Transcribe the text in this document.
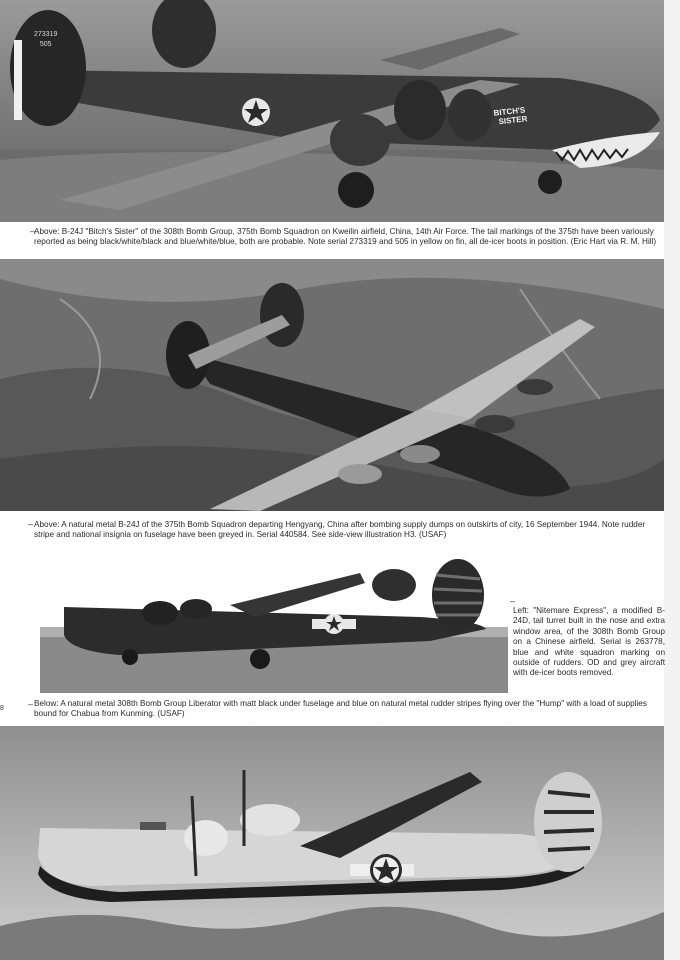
BITCH'S
SISTER
273319
505
–

Above: B-24J "Bitch's Sister" of the 308th Bomb Group, 375th Bomb Squadron on Kweilin airfield, China, 14th Air Force. The tail markings of the 375th have been variously reported as being black/white/black and blue/white/blue, both are probable. Note serial 273319 and 505 in yellow on fin, all de-icer boots in position. (Eric Hart via R. M. Hill)

– Above: A natural metal B-24J of the 375th Bomb Squadron departing Hengyang, China after bombing supply dumps on outskirts of city, 16 September 1944. Note rudder stripe and national insignia on fuselage have been greyed in. Serial 440584. See side-view illustration H3. (USAF)

–

Left: "Nitemare Express", a modified B-24D, tail turret built in the nose and extra window area, of the 308th Bomb Group on a Chinese airfield. Serial is 263778, blue and white squadron marking on outside of rudders. OD and grey aircraft with de-icer boots removed.

8	– Below: A natural metal 308th Bomb Group Liberator with matt black under fuselage and blue on natural metal rudder stripes flying over the "Hump" with a load of supplies bound for Chabua from Kunming. (USAF)
